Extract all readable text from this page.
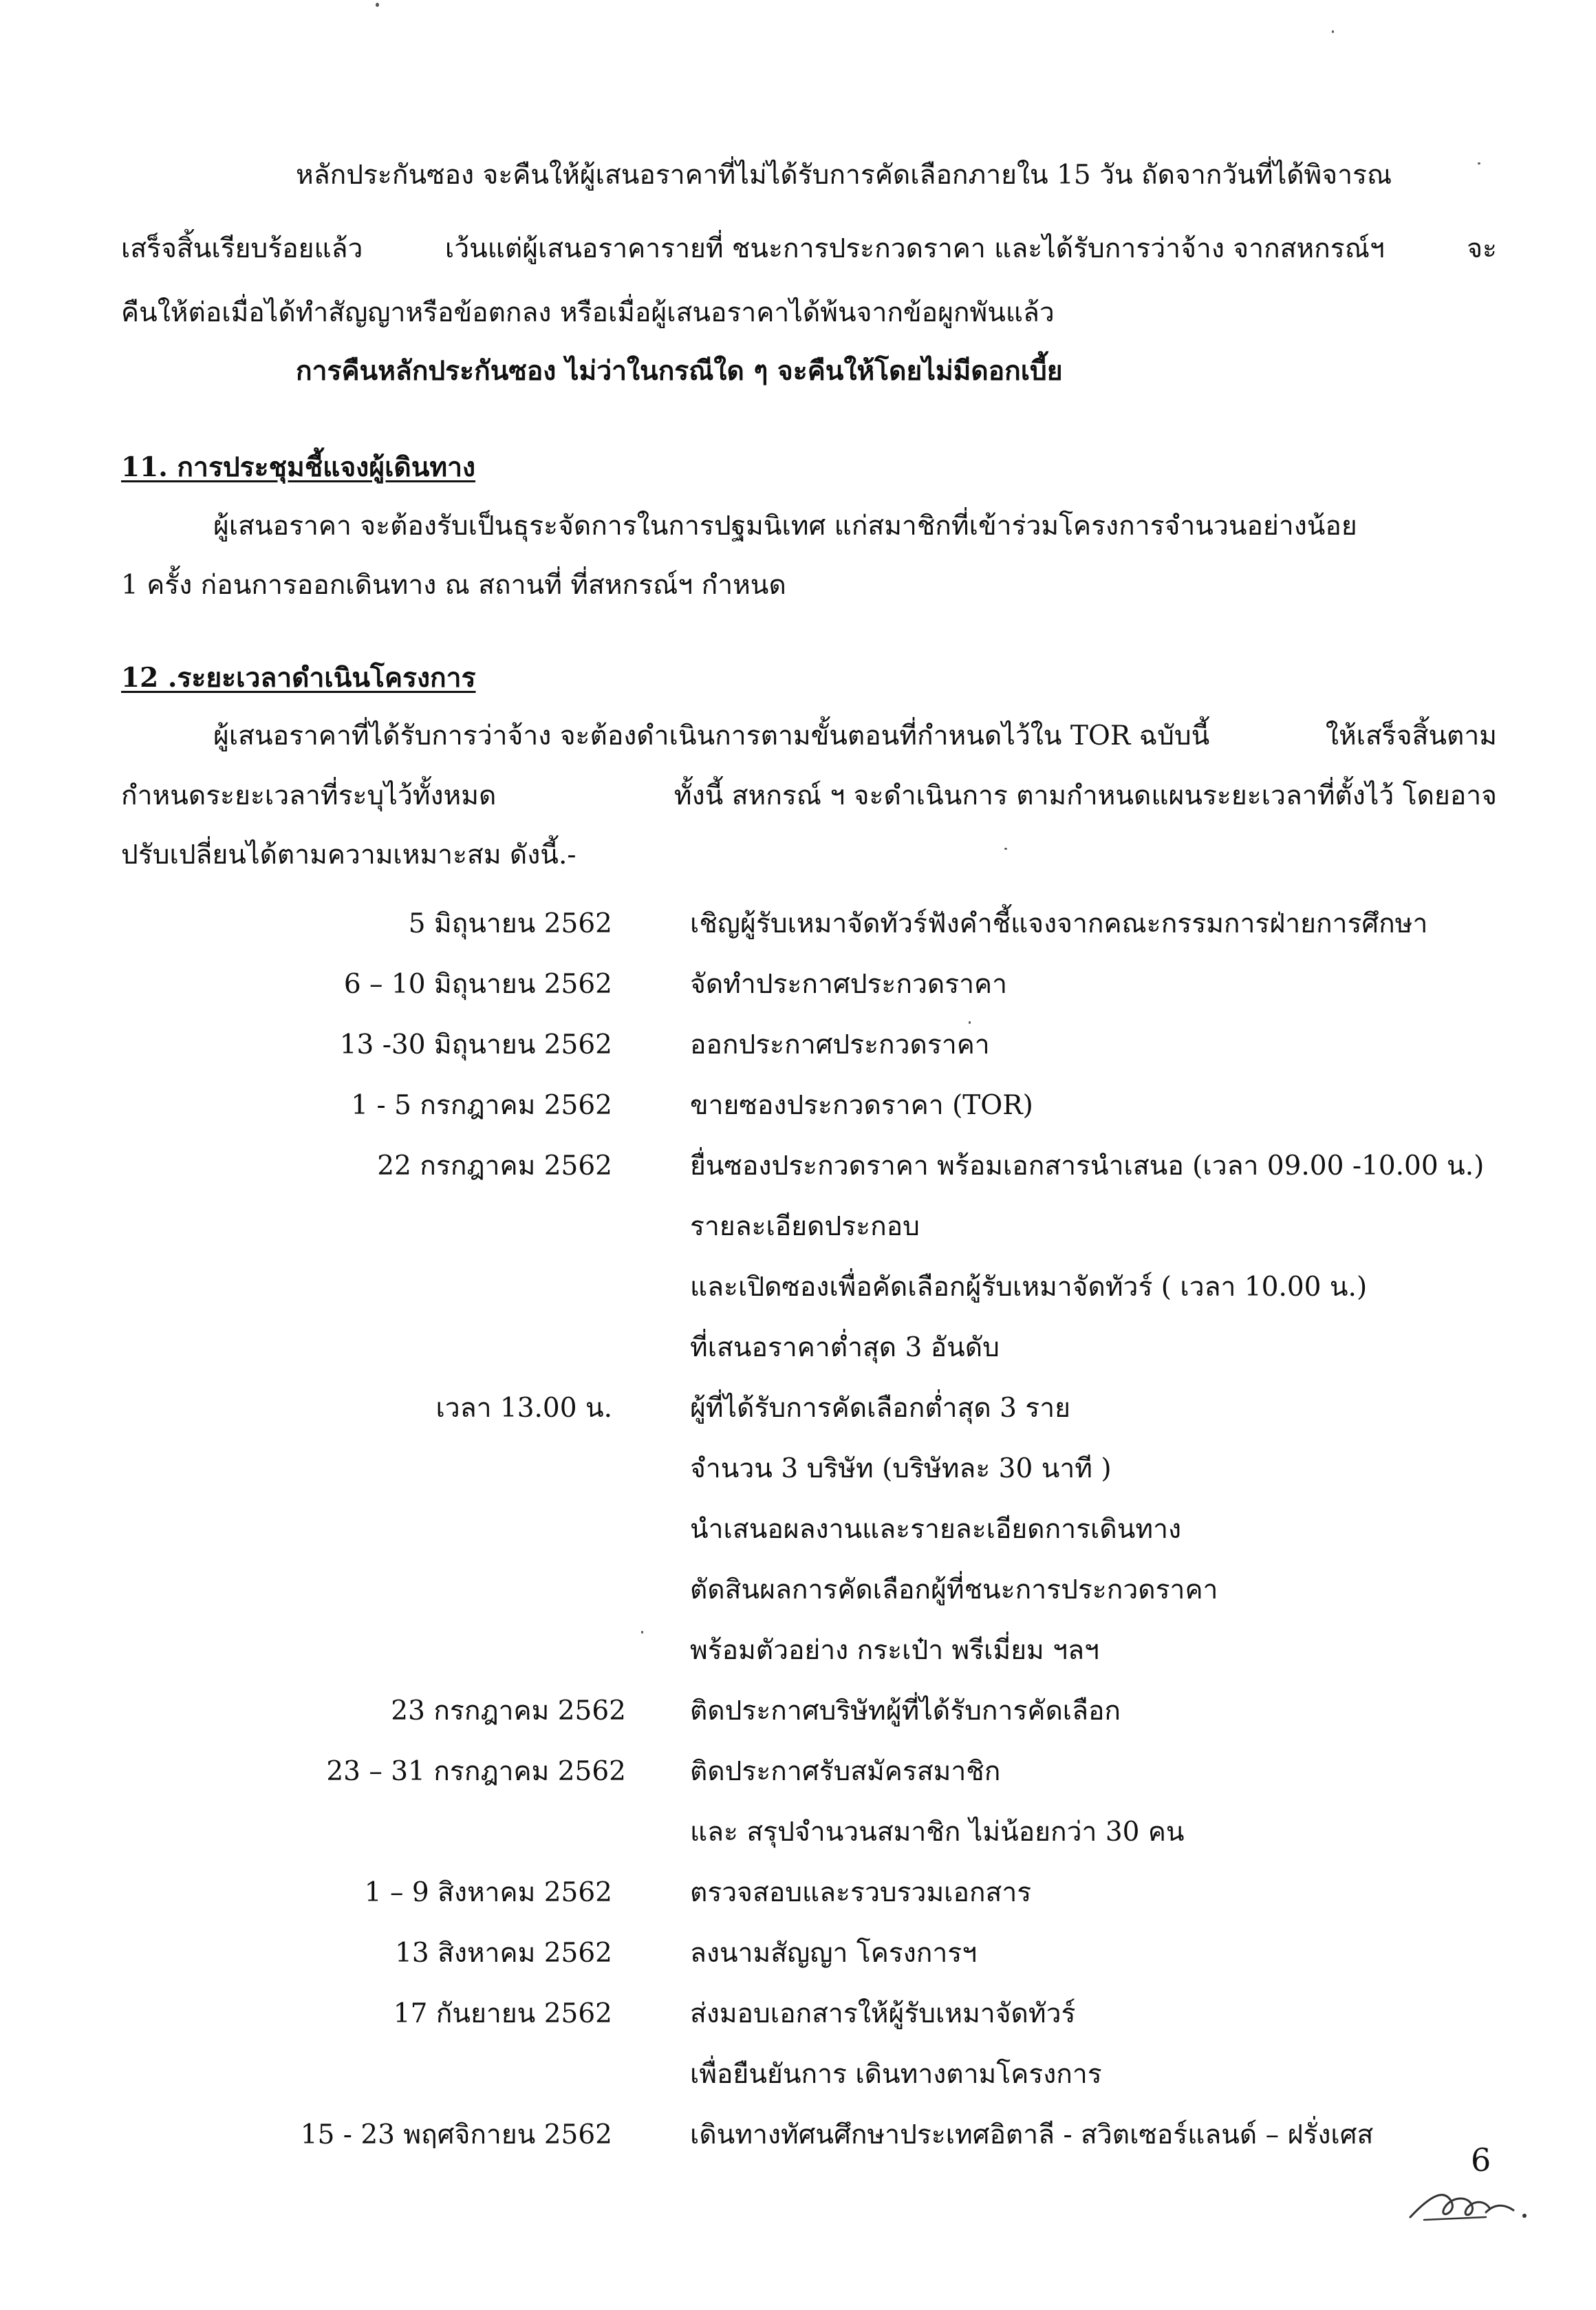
หลักประกันซอง จะคืนให้ผู้เสนอราคาที่ไม่ได้รับการคัดเลือกภายใน 15 วัน ถัดจากวันที่ได้พิจารณ
เสร็จสิ้นเรียบร้อยแล้ว	เว้นแต่ผู้เสนอราคารายที่ ชนะการประกวดราคา และได้รับการว่าจ้าง จากสหกรณ์ฯ	จะ
คืนให้ต่อเมื่อได้ทำสัญญาหรือข้อตกลง หรือเมื่อผู้เสนอราคาได้พ้นจากข้อผูกพันแล้ว
การคืนหลักประกันซอง ไม่ว่าในกรณีใด ๆ จะคืนให้โดยไม่มีดอกเบี้ย
11. การประชุมชี้แจงผู้เดินทาง
ผู้เสนอราคา จะต้องรับเป็นธุระจัดการในการปฐมนิเทศ แก่สมาชิกที่เข้าร่วมโครงการจำนวนอย่างน้อย
1 ครั้ง ก่อนการออกเดินทาง ณ สถานที่ ที่สหกรณ์ฯ กำหนด
12 .ระยะเวลาดำเนินโครงการ
ผู้เสนอราคาที่ได้รับการว่าจ้าง จะต้องดำเนินการตามขั้นตอนที่กำหนดไว้ใน TOR ฉบับนี้	ให้เสร็จสิ้นตาม
กำหนดระยะเวลาที่ระบุไว้ทั้งหมด	ทั้งนี้ สหกรณ์ ฯ จะดำเนินการ ตามกำหนดแผนระยะเวลาที่ตั้งไว้ โดยอาจ
ปรับเปลี่ยนได้ตามความเหมาะสม ดังนี้.-
5 มิถุนายน 2562	เชิญผู้รับเหมาจัดทัวร์ฟังคำชี้แจงจากคณะกรรมการฝ่ายการศึกษา
6 – 10 มิถุนายน 2562	จัดทำประกาศประกวดราคา
13 -30 มิถุนายน 2562	ออกประกาศประกวดราคา
1 - 5 กรกฎาคม 2562	ขายซองประกวดราคา (TOR)
22 กรกฎาคม 2562	ยื่นซองประกวดราคา พร้อมเอกสารนำเสนอ (เวลา 09.00 -10.00 น.)
รายละเอียดประกอบ
และเปิดซองเพื่อคัดเลือกผู้รับเหมาจัดทัวร์ ( เวลา 10.00 น.)
ที่เสนอราคาต่ำสุด 3 อันดับ
เวลา 13.00 น.	ผู้ที่ได้รับการคัดเลือกต่ำสุด 3 ราย
จำนวน 3 บริษัท (บริษัทละ 30 นาที )
นำเสนอผลงานและรายละเอียดการเดินทาง
ตัดสินผลการคัดเลือกผู้ที่ชนะการประกวดราคา
พร้อมตัวอย่าง กระเป๋า พรีเมี่ยม ฯลฯ
23 กรกฎาคม 2562 ติดประกาศบริษัทผู้ที่ได้รับการคัดเลือก
23 – 31 กรกฎาคม 2562 ติดประกาศรับสมัครสมาชิก
และ สรุปจำนวนสมาชิก ไม่น้อยกว่า 30 คน
1 – 9 สิงหาคม 2562	ตรวจสอบและรวบรวมเอกสาร
13 สิงหาคม 2562	ลงนามสัญญา โครงการฯ
17 กันยายน 2562	ส่งมอบเอกสารให้ผู้รับเหมาจัดทัวร์
เพื่อยืนยันการ เดินทางตามโครงการ
15 - 23 พฤศจิกายน 2562	เดินทางทัศนศึกษาประเทศอิตาลี - สวิตเซอร์แลนด์ – ฝรั่งเศส
6
